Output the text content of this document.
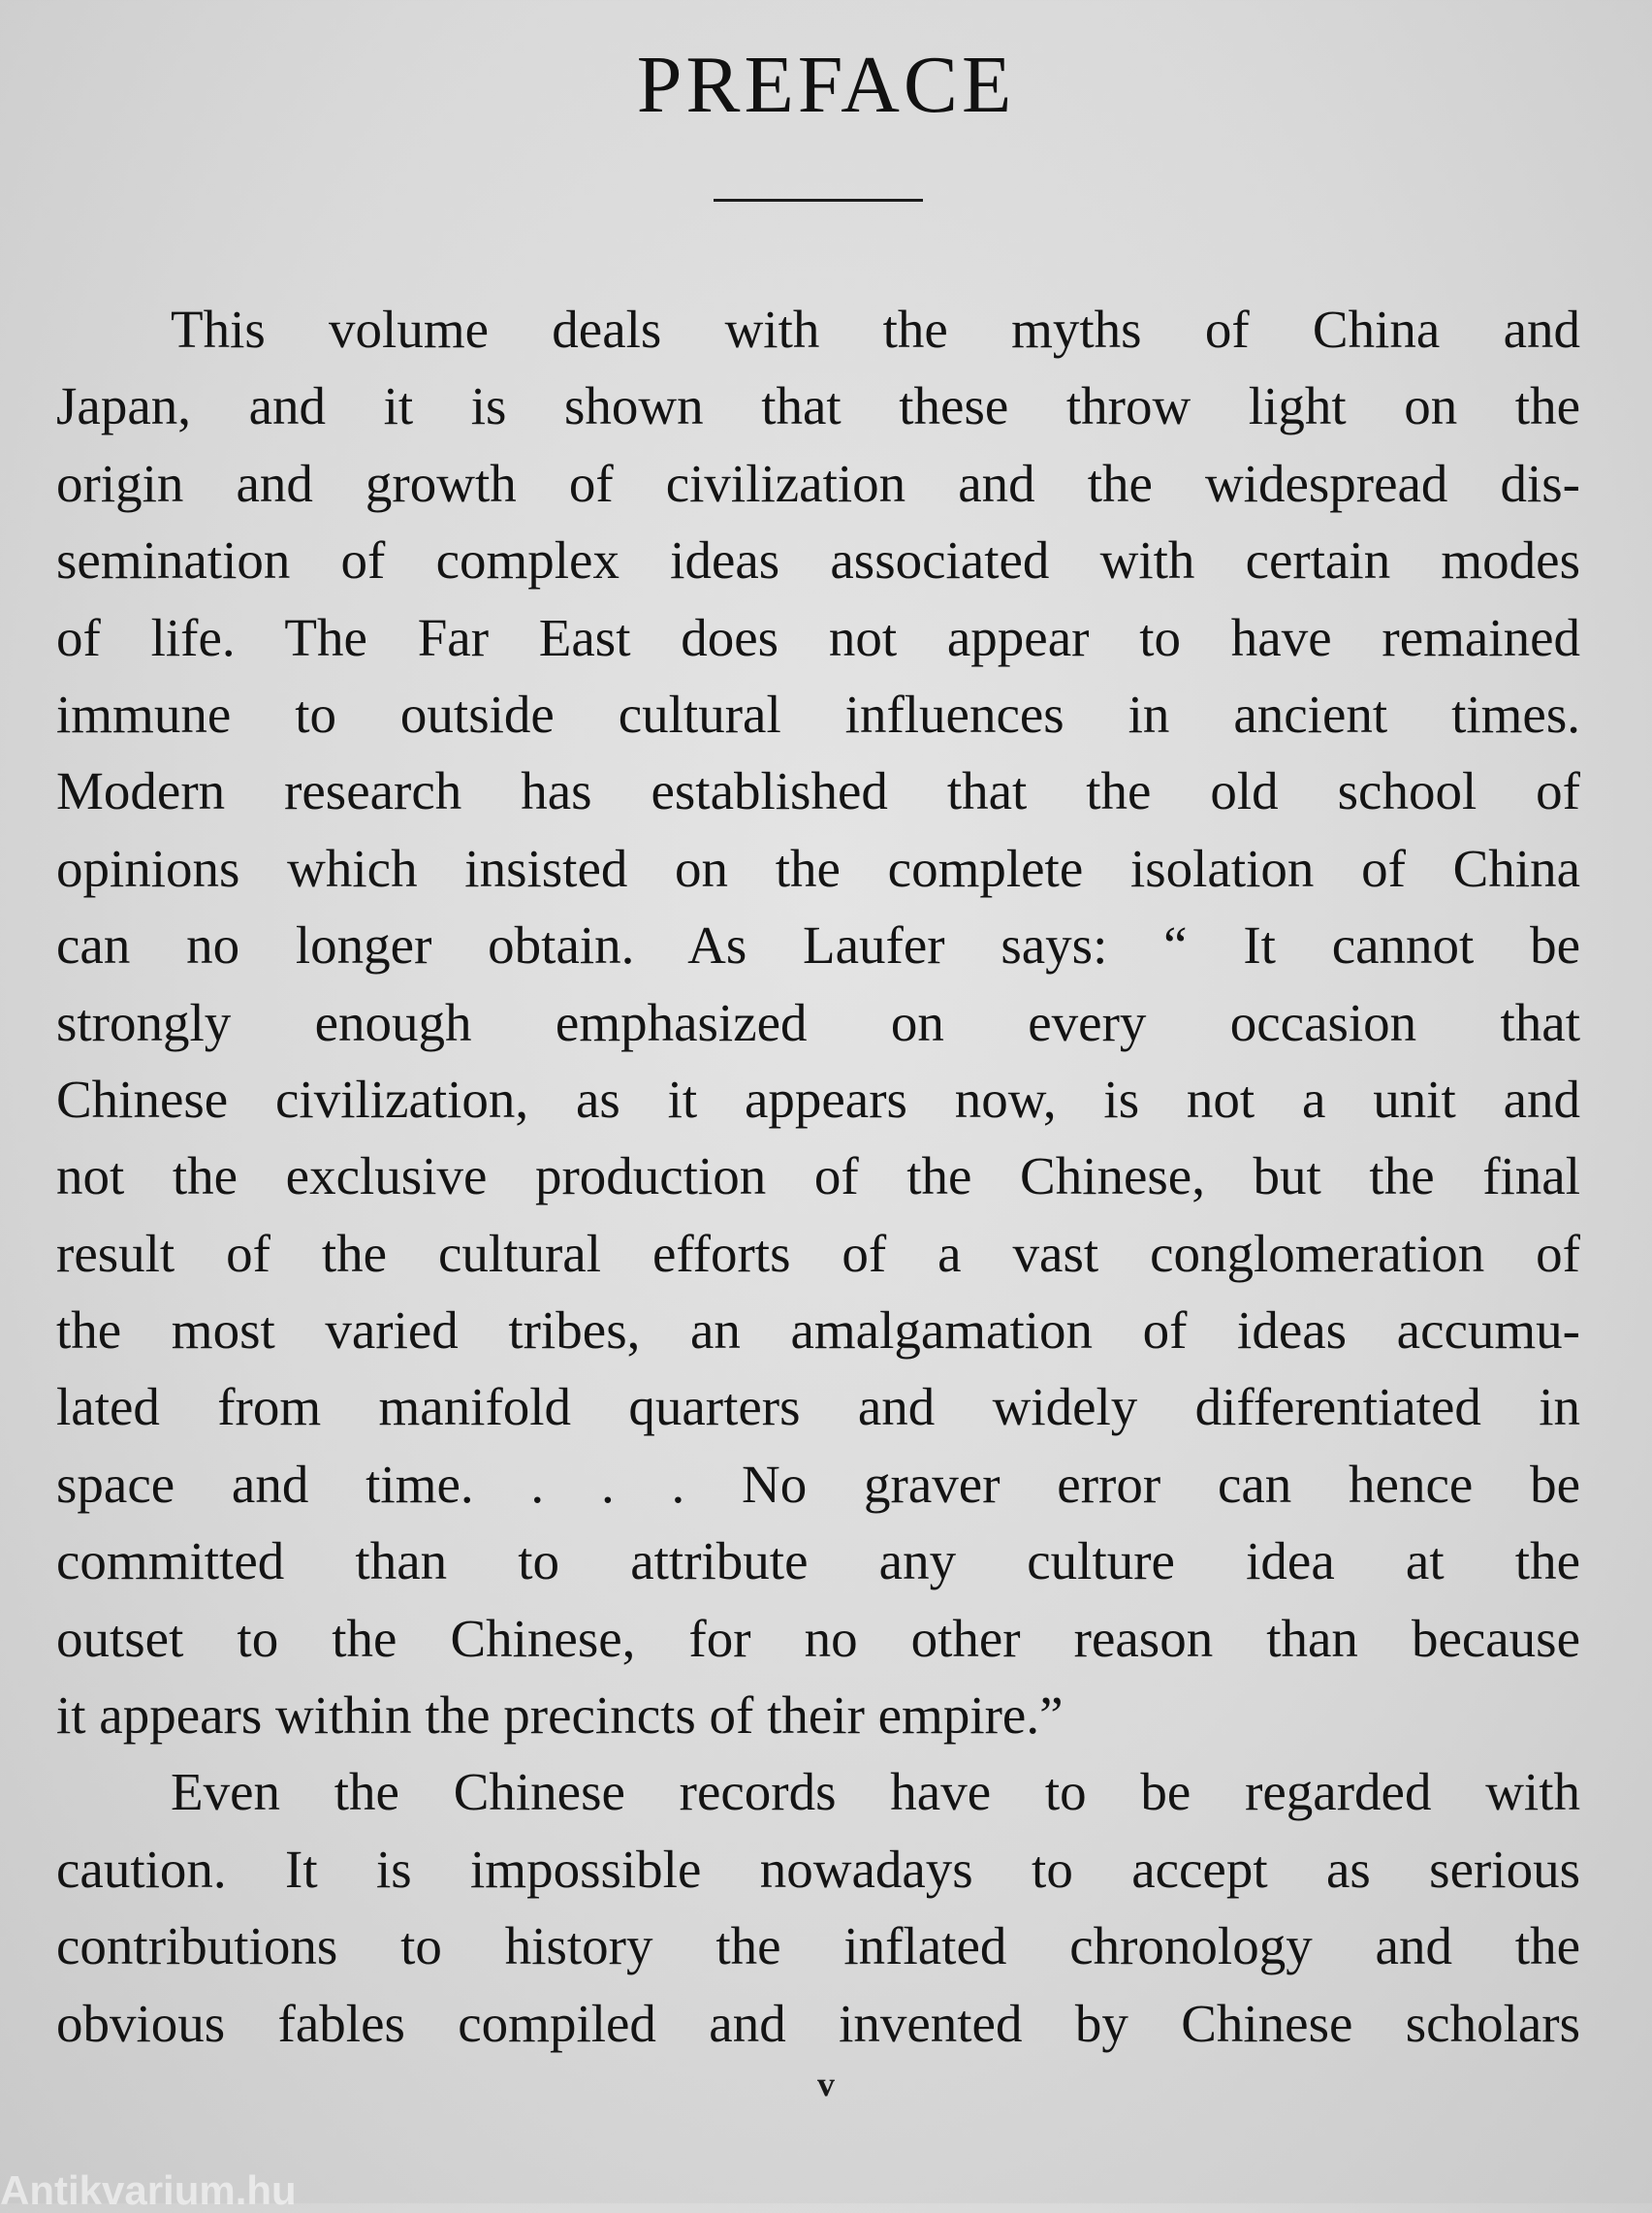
PREFACE
This volume deals with the myths of China and
Japan, and it is shown that these throw light on the
origin and growth of civilization and the widespread dis-
semination of complex ideas associated with certain modes
of life. The Far East does not appear to have remained
immune to outside cultural influences in ancient times.
Modern research has established that the old school of
opinions which insisted on the complete isolation of China
can no longer obtain. As Laufer says: “ It cannot be
strongly enough emphasized on every occasion that
Chinese civilization, as it appears now, is not a unit and
not the exclusive production of the Chinese, but the final
result of the cultural efforts of a vast conglomeration of
the most varied tribes, an amalgamation of ideas accumu-
lated from manifold quarters and widely differentiated in
space and time. . . . No graver error can hence be
committed than to attribute any culture idea at the
outset to the Chinese, for no other reason than because
it appears within the precincts of their empire.”
Even the Chinese records have to be regarded with
caution. It is impossible nowadays to accept as serious
contributions to history the inflated chronology and the
obvious fables compiled and invented by Chinese scholars
v
Antikvarium.hu
